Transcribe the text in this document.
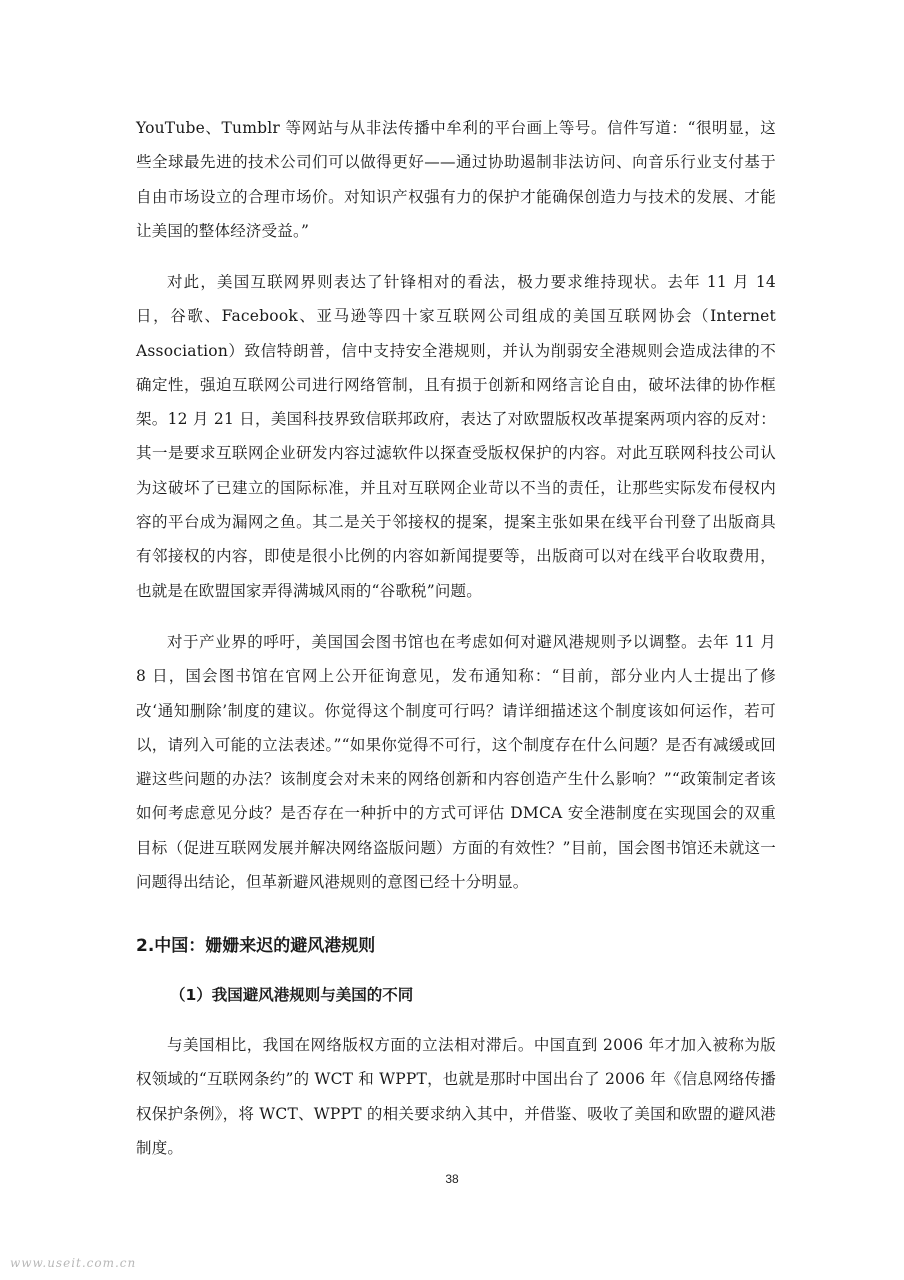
YouTube、Tumblr 等网站与从非法传播中牟利的平台画上等号。信件写道：“很明显，这些全球最先进的技术公司们可以做得更好——通过协助遏制非法访问、向音乐行业支付基于自由市场设立的合理市场价。对知识产权强有力的保护才能确保创造力与技术的发展、才能让美国的整体经济受益。”

对此，美国互联网界则表达了针锋相对的看法，极力要求维持现状。去年 11 月 14 日，谷歌、Facebook、亚马逊等四十家互联网公司组成的美国互联网协会（Internet Association）致信特朗普，信中支持安全港规则，并认为削弱安全港规则会造成法律的不确定性，强迫互联网公司进行网络管制，且有损于创新和网络言论自由，破坏法律的协作框架。12 月 21 日，美国科技界致信联邦政府，表达了对欧盟版权改革提案两项内容的反对：其一是要求互联网企业研发内容过滤软件以探查受版权保护的内容。对此互联网科技公司认为这破坏了已建立的国际标准，并且对互联网企业苛以不当的责任，让那些实际发布侵权内容的平台成为漏网之鱼。其二是关于邻接权的提案，提案主张如果在线平台刊登了出版商具有邻接权的内容，即使是很小比例的内容如新闻提要等，出版商可以对在线平台收取费用，也就是在欧盟国家弄得满城风雨的“谷歌税”问题。

对于产业界的呼吁，美国国会图书馆也在考虑如何对避风港规则予以调整。去年 11 月 8 日，国会图书馆在官网上公开征询意见，发布通知称：“目前，部分业内人士提出了修改‘通知删除’制度的建议。你觉得这个制度可行吗？请详细描述这个制度该如何运作，若可以，请列入可能的立法表述。”“如果你觉得不可行，这个制度存在什么问题？是否有减缓或回避这些问题的办法？该制度会对未来的网络创新和内容创造产生什么影响？”“政策制定者该如何考虑意见分歧？是否存在一种折中的方式可评估 DMCA 安全港制度在实现国会的双重目标（促进互联网发展并解决网络盗版问题）方面的有效性？”目前，国会图书馆还未就这一问题得出结论，但革新避风港规则的意图已经十分明显。

2.中国：姗姗来迟的避风港规则
（1）我国避风港规则与美国的不同

与美国相比，我国在网络版权方面的立法相对滞后。中国直到 2006 年才加入被称为版权领域的“互联网条约”的 WCT 和 WPPT，也就是那时中国出台了 2006 年《信息网络传播权保护条例》，将 WCT、WPPT 的相关要求纳入其中，并借鉴、吸收了美国和欧盟的避风港制度。

38
www.useit.com.cn
